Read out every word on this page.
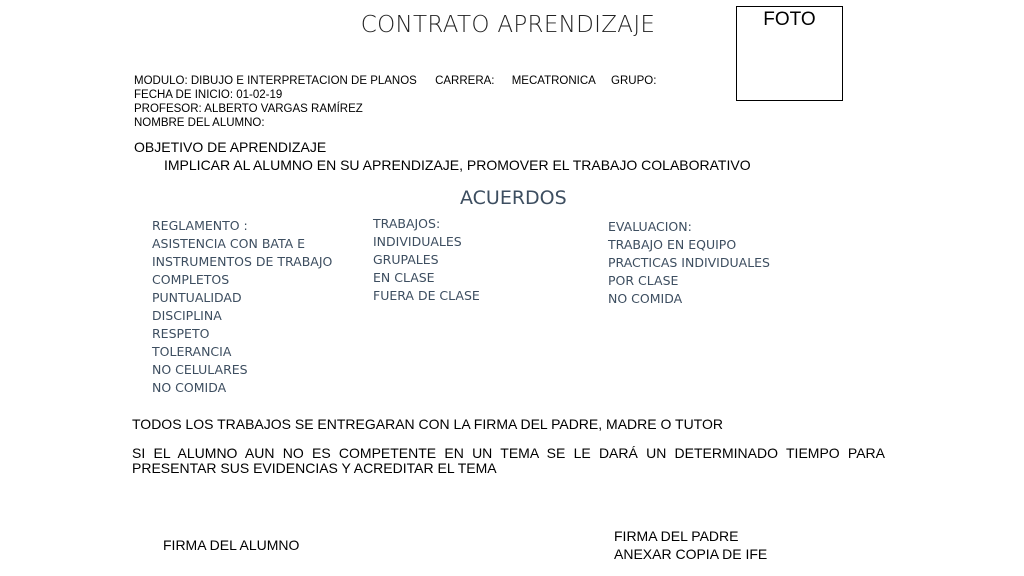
CONTRATO APRENDIZAJE	FOTO
MODULO: DIBUJO E INTERPRETACION DE PLANOS CARRERA: MECATRONICA GRUPO:
FECHA DE INICIO: 01-02-19
PROFESOR: ALBERTO VARGAS RAMÍREZ
NOMBRE DEL ALUMNO:
OBJETIVO DE APRENDIZAJE
IMPLICAR AL ALUMNO EN SU APRENDIZAJE, PROMOVER EL TRABAJO COLABORATIVO
ACUERDOS
REGLAMENTO :
ASISTENCIA CON BATA E
INSTRUMENTOS DE TRABAJO
COMPLETOS
PUNTUALIDAD
DISCIPLINA
RESPETO
TOLERANCIA
NO CELULARES
NO COMIDA
TRABAJOS:
INDIVIDUALES
GRUPALES
EN CLASE
FUERA DE CLASE
EVALUACION:
TRABAJO EN EQUIPO
PRACTICAS INDIVIDUALES
POR CLASE
NO COMIDA
TODOS LOS TRABAJOS SE ENTREGARAN CON LA FIRMA DEL PADRE, MADRE O TUTOR
SI EL ALUMNO AUN NO ES COMPETENTE EN UN TEMA SE LE DARÁ UN DETERMINADO TIEMPO PARA PRESENTAR SUS EVIDENCIAS Y ACREDITAR EL TEMA
FIRMA DEL ALUMNO
FIRMA DEL PADRE
ANEXAR COPIA DE IFE
